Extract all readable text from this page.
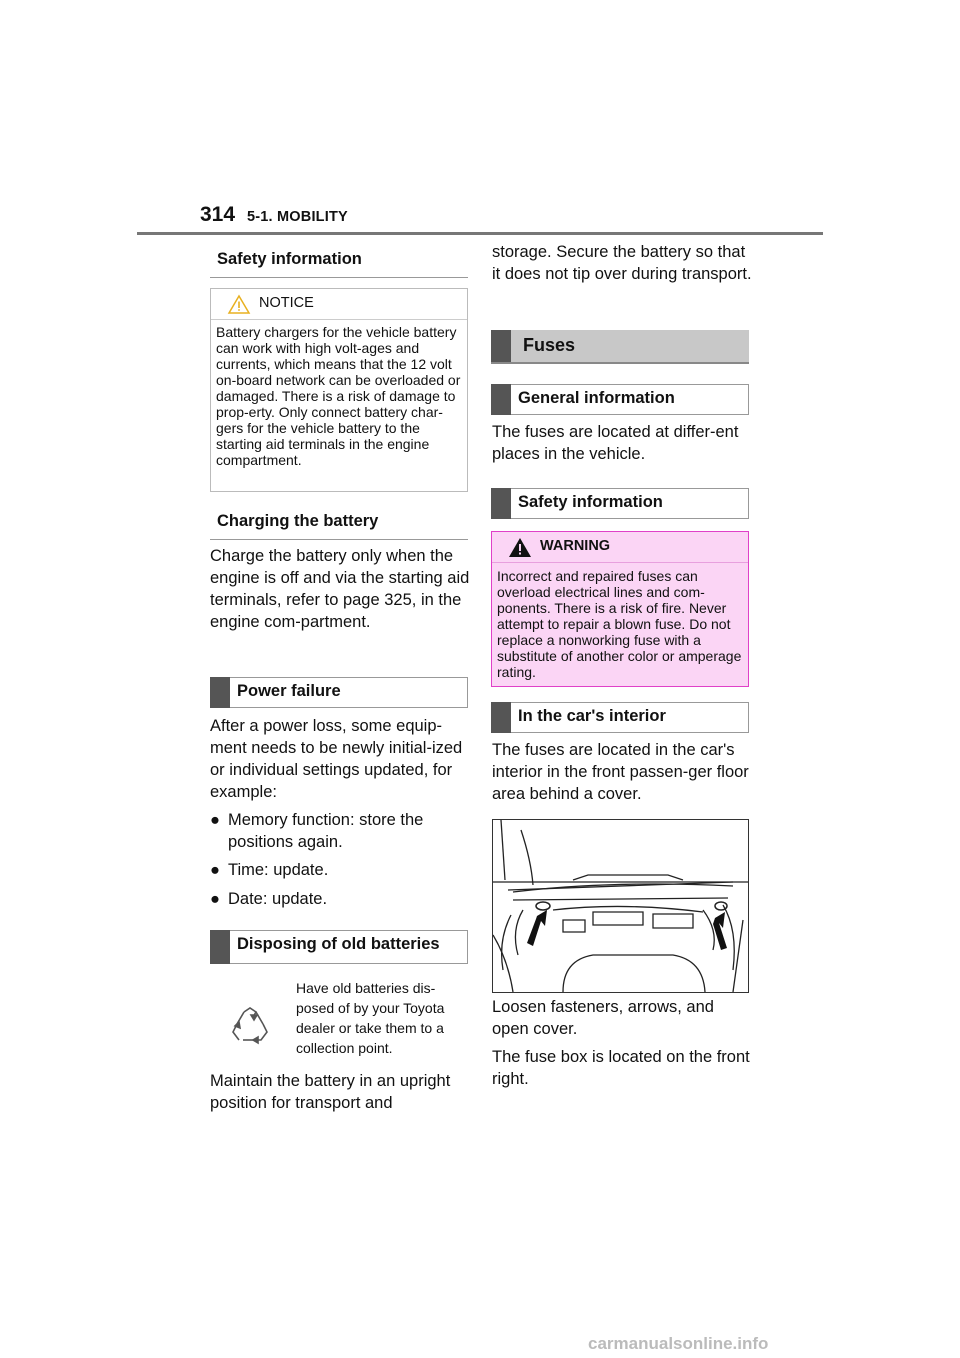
314 5-1. MOBILITY
Safety information
NOTICE
Battery chargers for the vehicle battery can work with high volt-ages and currents, which means that the 12 volt on-board network can be overloaded or damaged. There is a risk of damage to prop-erty. Only connect battery char-gers for the vehicle battery to the starting aid terminals in the engine compartment.
Charging the battery
Charge the battery only when the engine is off and via the starting aid terminals, refer to page 325, in the engine com-partment.
Power failure
After a power loss, some equip-ment needs to be newly initial-ized or individual settings updated, for example:
● Memory function: store the positions again.
● Time: update.
● Date: update.
Disposing of old batteries
Have old batteries dis-posed of by your Toyota dealer or take them to a collection point.
Maintain the battery in an upright position for transport and
storage. Secure the battery so that it does not tip over during transport.
Fuses
General information
The fuses are located at differ-ent places in the vehicle.
Safety information
WARNING
Incorrect and repaired fuses can overload electrical lines and com-ponents. There is a risk of fire. Never attempt to repair a blown fuse. Do not replace a nonworking fuse with a substitute of another color or amperage rating.
In the car's interior
The fuses are located in the car's interior in the front passen-ger floor area behind a cover.
Loosen fasteners, arrows, and open cover.
The fuse box is located on the front right.
carmanualsonline.info
